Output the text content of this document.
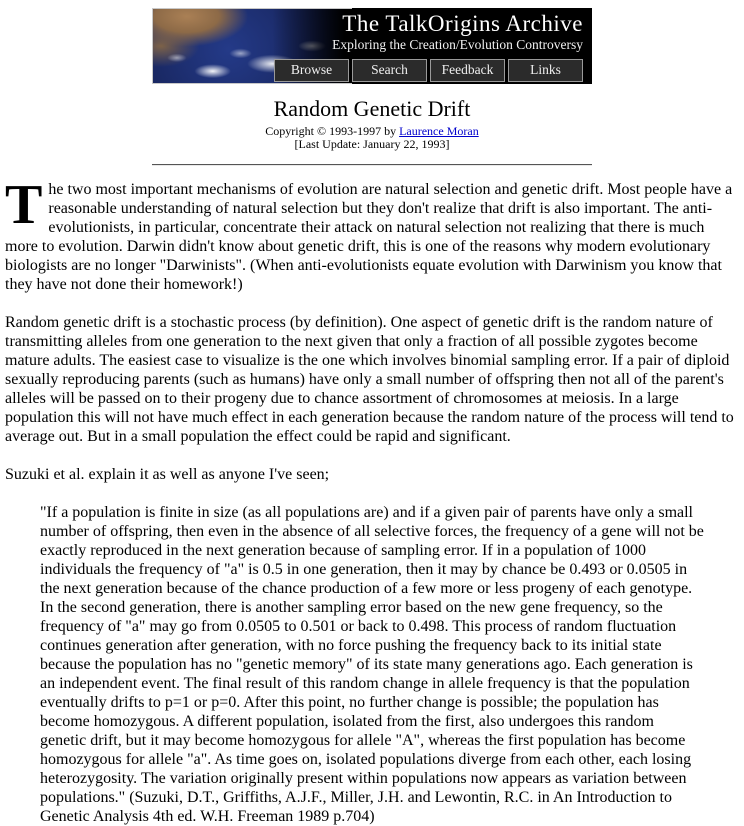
The TalkOrigins Archive
Exploring the Creation/Evolution Controversy
Browse	Search	Feedback	Links
Random Genetic Drift
Copyright © 1993-1997 by Laurence Moran
[Last Update: January 22, 1993]

The two most important mechanisms of evolution are natural selection and genetic drift. Most people have a reasonable understanding of natural selection but they don't realize that drift is also important. The anti- evolutionists, in particular, concentrate their attack on natural selection not realizing that there is much more to evolution. Darwin didn't know about genetic drift, this is one of the reasons why modern evolutionary biologists are no longer "Darwinists". (When anti-evolutionists equate evolution with Darwinism you know that they have not done their homework!)

Random genetic drift is a stochastic process (by definition). One aspect of genetic drift is the random nature of transmitting alleles from one generation to the next given that only a fraction of all possible zygotes become mature adults. The easiest case to visualize is the one which involves binomial sampling error. If a pair of diploid sexually reproducing parents (such as humans) have only a small number of offspring then not all of the parent's alleles will be passed on to their progeny due to chance assortment of chromosomes at meiosis. In a large population this will not have much effect in each generation because the random nature of the process will tend to average out. But in a small population the effect could be rapid and significant.

Suzuki et al. explain it as well as anyone I've seen;

"If a population is finite in size (as all populations are) and if a given pair of parents have only a small number of offspring, then even in the absence of all selective forces, the frequency of a gene will not be exactly reproduced in the next generation because of sampling error. If in a population of 1000 individuals the frequency of "a" is 0.5 in one generation, then it may by chance be 0.493 or 0.0505 in the next generation because of the chance production of a few more or less progeny of each genotype. In the second generation, there is another sampling error based on the new gene frequency, so the frequency of "a" may go from 0.0505 to 0.501 or back to 0.498. This process of random fluctuation continues generation after generation, with no force pushing the frequency back to its initial state because the population has no "genetic memory" of its state many generations ago. Each generation is an independent event. The final result of this random change in allele frequency is that the population eventually drifts to p=1 or p=0. After this point, no further change is possible; the population has become homozygous. A different population, isolated from the first, also undergoes this random genetic drift, but it may become homozygous for allele "A", whereas the first population has become homozygous for allele "a". As time goes on, isolated populations diverge from each other, each losing heterozygosity. The variation originally present within populations now appears as variation between populations." (Suzuki, D.T., Griffiths, A.J.F., Miller, J.H. and Lewontin, R.C. in An Introduction to Genetic Analysis 4th ed. W.H. Freeman 1989 p.704)
